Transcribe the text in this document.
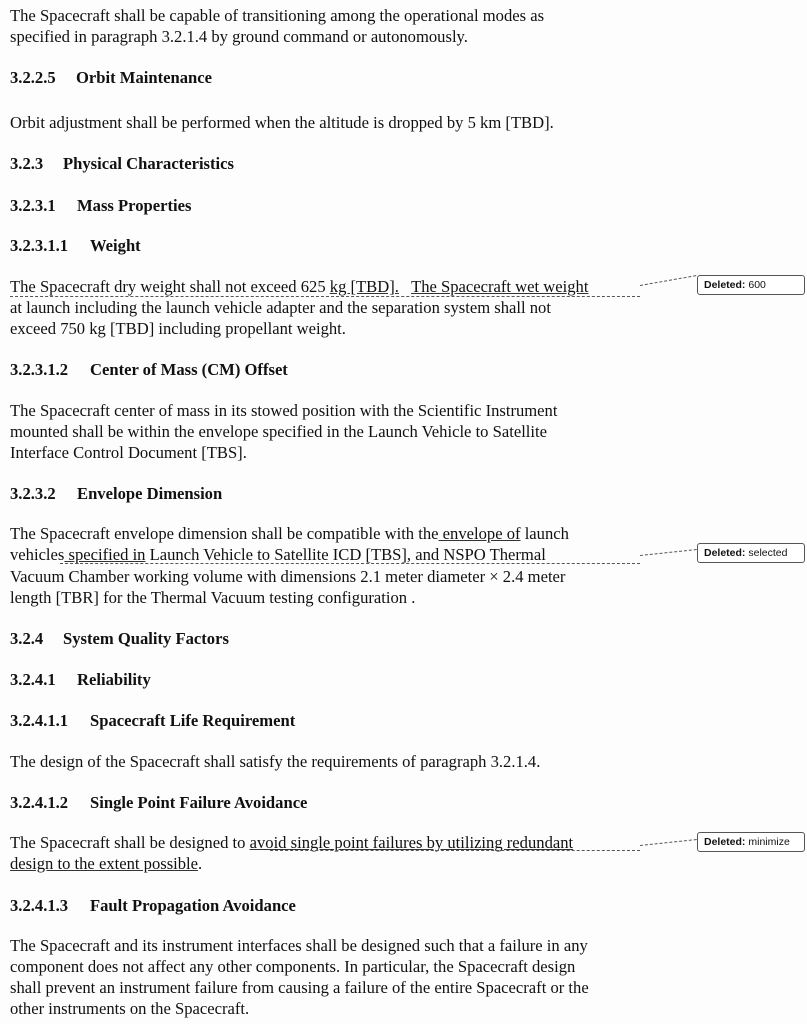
The Spacecraft shall be capable of transitioning among the operational modes as

specified in paragraph 3.2.1.4 by ground command or autonomously.

3.2.2.5 Orbit Maintenance

Orbit adjustment shall be performed when the altitude is dropped by 5 km [TBD].

3.2.3 Physical Characteristics
3.2.3.1 Mass Properties
3.2.3.1.1 Weight

The Spacecraft dry weight shall not exceed 625 kg [TBD]. The Spacecraft wet weight

at launch including the launch vehicle adapter and the separation system shall not

exceed 750 kg [TBD] including propellant weight.

3.2.3.1.2 Center of Mass (CM) Offset

The Spacecraft center of mass in its stowed position with the Scientific Instrument

mounted shall be within the envelope specified in the Launch Vehicle to Satellite

Interface Control Document [TBS].

3.2.3.2 Envelope Dimension

The Spacecraft envelope dimension shall be compatible with the envelope of launch

vehicles specified in Launch Vehicle to Satellite ICD [TBS], and NSPO Thermal

Vacuum Chamber working volume with dimensions 2.1 meter diameter × 2.4 meter

length [TBR] for the Thermal Vacuum testing configuration .

3.2.4 System Quality Factors
3.2.4.1 Reliability
3.2.4.1.1 Spacecraft Life Requirement

The design of the Spacecraft shall satisfy the requirements of paragraph 3.2.1.4.

3.2.4.1.2 Single Point Failure Avoidance

The Spacecraft shall be designed to avoid single point failures by utilizing redundant

design to the extent possible.

3.2.4.1.3 Fault Propagation Avoidance

The Spacecraft and its instrument interfaces shall be designed such that a failure in any

component does not affect any other components. In particular, the Spacecraft design

shall prevent an instrument failure from causing a failure of the entire Spacecraft or the

other instruments on the Spacecraft.

Deleted: 600
Deleted: selected
Deleted: minimize
